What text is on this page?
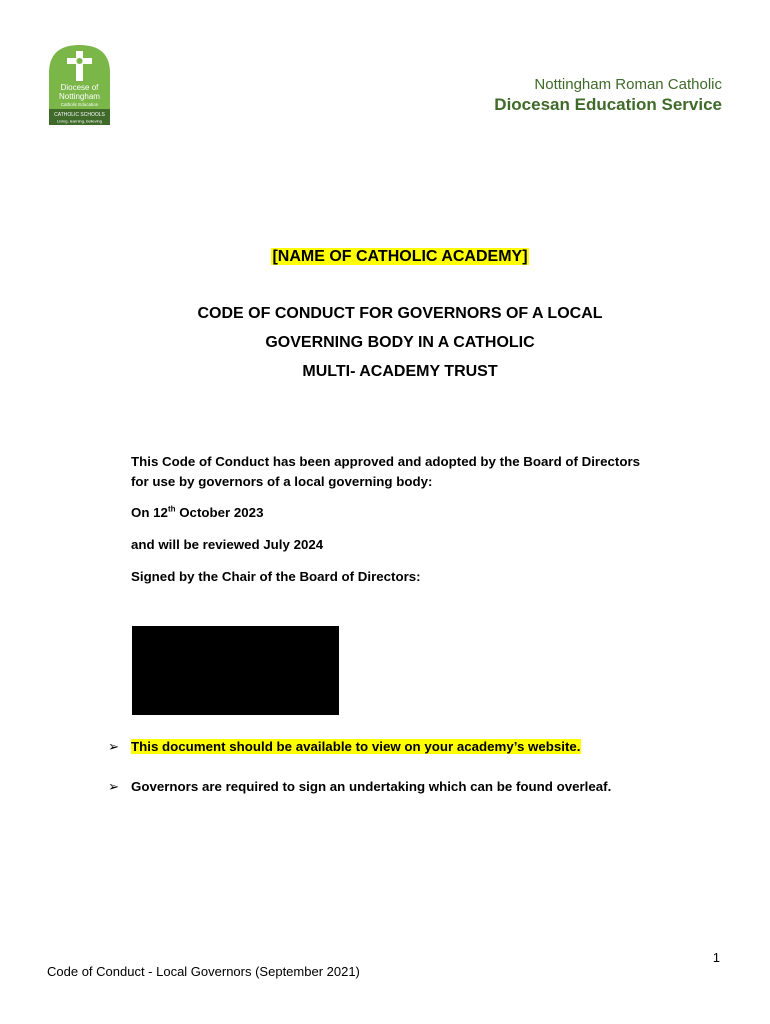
Diocese of
Nottingham
Catholic Education
CATHOLIC SCHOOLS
Living, learning, believing
Nottingham Roman Catholic
Diocesan Education Service
[NAME OF CATHOLIC ACADEMY]
CODE OF CONDUCT FOR GOVERNORS OF A LOCAL
GOVERNING BODY IN A CATHOLIC
MULTI- ACADEMY TRUST
This Code of Conduct has been approved and adopted by the Board of Directors for use by governors of a local governing body:
On 12th October 2023
and will be reviewed July 2024
Signed by the Chair of the Board of Directors:
➢ This document should be available to view on your academy’s website.
➢ Governors are required to sign an undertaking which can be found overleaf.
1
Code of Conduct - Local Governors (September 2021)
